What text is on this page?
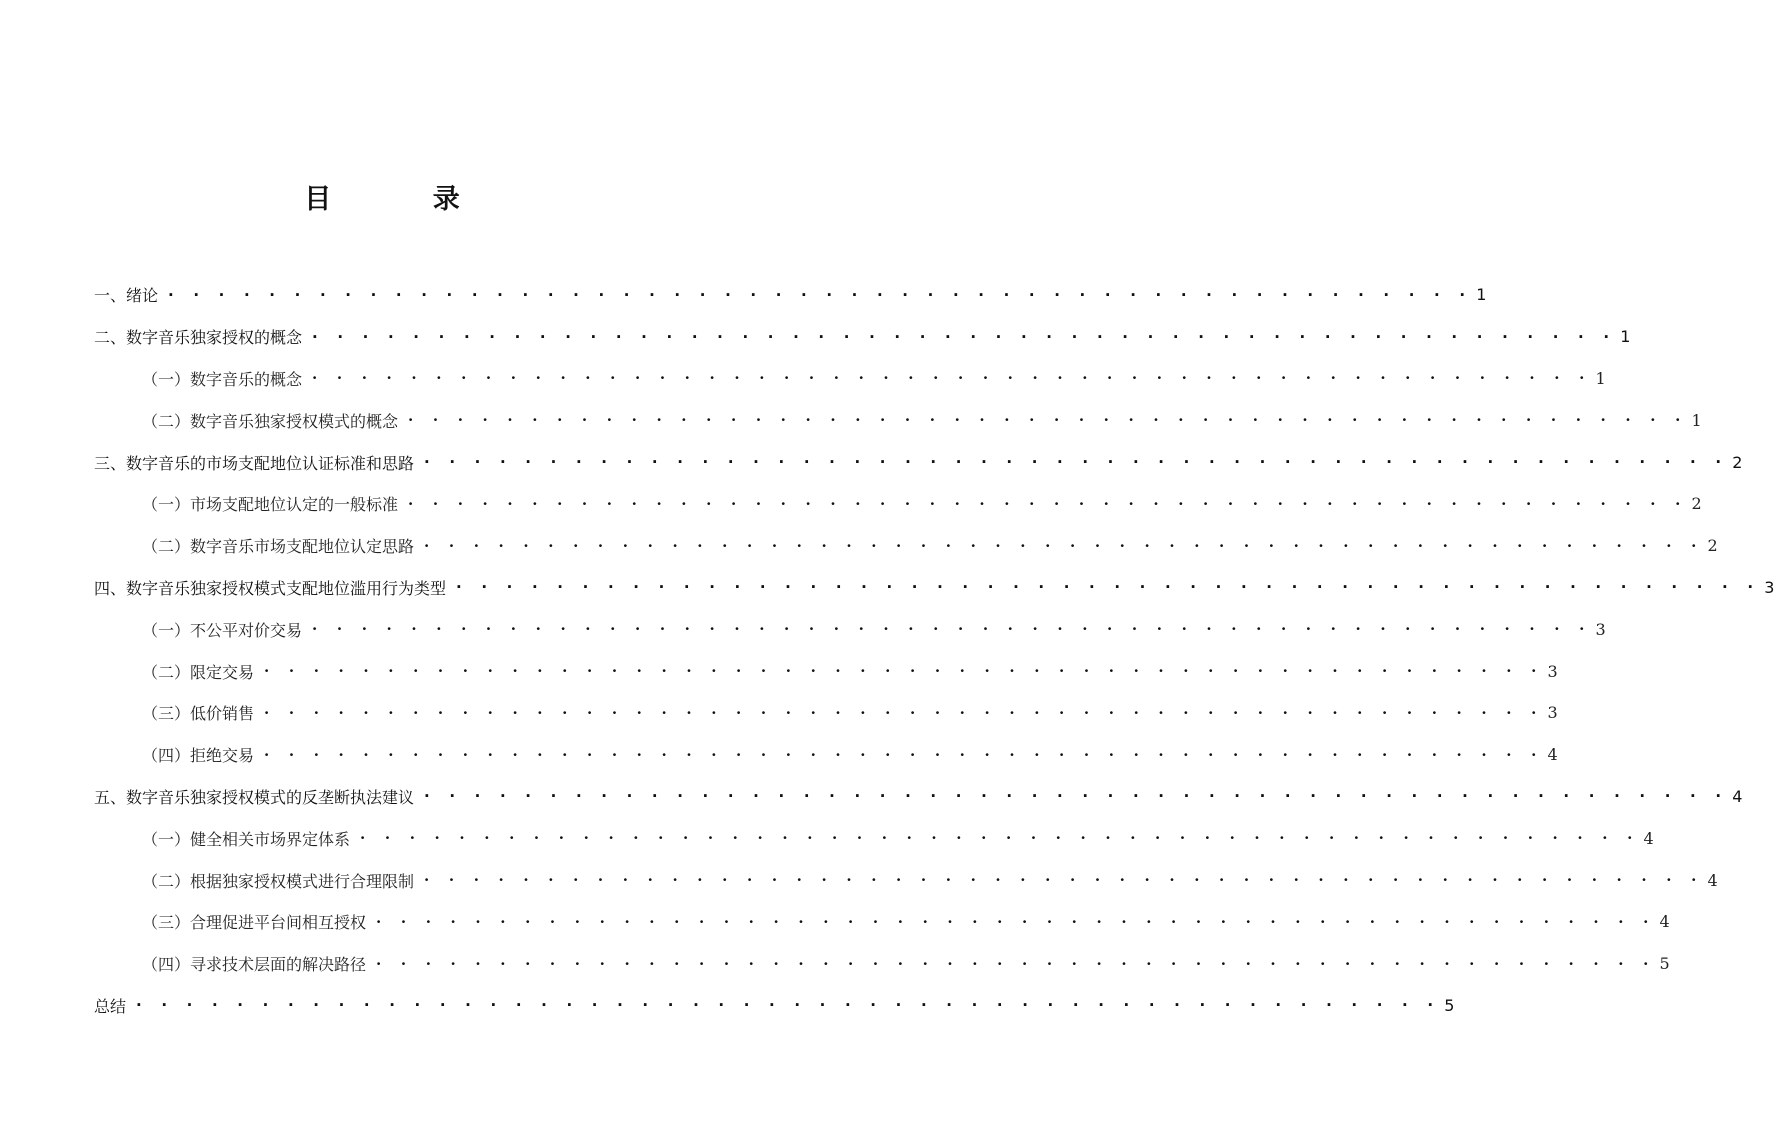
目 录
一、绪论 · · · · · · · · · · · · · · · · · · · · · · · · · · · · · · · · · · · · · · · · · · · · · · · · · · · · 1
二、数字音乐独家授权的概念 · · · · · · · · · · · · · · · · · · · · · · · · · · · · · · · · · · · · · · · · · · · · · · · · · · · · 1
（一）数字音乐的概念 · · · · · · · · · · · · · · · · · · · · · · · · · · · · · · · · · · · · · · · · · · · · · · · · · · · · 1
（二）数字音乐独家授权模式的概念 · · · · · · · · · · · · · · · · · · · · · · · · · · · · · · · · · · · · · · · · · · · · · · · · · · · · 1
三、数字音乐的市场支配地位认证标准和思路 · · · · · · · · · · · · · · · · · · · · · · · · · · · · · · · · · · · · · · · · · · · · · · · · · · · · 2
（一）市场支配地位认定的一般标准 · · · · · · · · · · · · · · · · · · · · · · · · · · · · · · · · · · · · · · · · · · · · · · · · · · · · 2
（二）数字音乐市场支配地位认定思路 · · · · · · · · · · · · · · · · · · · · · · · · · · · · · · · · · · · · · · · · · · · · · · · · · · · · 2
四、数字音乐独家授权模式支配地位滥用行为类型 · · · · · · · · · · · · · · · · · · · · · · · · · · · · · · · · · · · · · · · · · · · · · · · · · · · · 3
（一）不公平对价交易 · · · · · · · · · · · · · · · · · · · · · · · · · · · · · · · · · · · · · · · · · · · · · · · · · · · · 3
（二）限定交易 · · · · · · · · · · · · · · · · · · · · · · · · · · · · · · · · · · · · · · · · · · · · · · · · · · · · 3
（三）低价销售 · · · · · · · · · · · · · · · · · · · · · · · · · · · · · · · · · · · · · · · · · · · · · · · · · · · · 3
（四）拒绝交易 · · · · · · · · · · · · · · · · · · · · · · · · · · · · · · · · · · · · · · · · · · · · · · · · · · · · 4
五、数字音乐独家授权模式的反垄断执法建议 · · · · · · · · · · · · · · · · · · · · · · · · · · · · · · · · · · · · · · · · · · · · · · · · · · · · 4
（一）健全相关市场界定体系 · · · · · · · · · · · · · · · · · · · · · · · · · · · · · · · · · · · · · · · · · · · · · · · · · · · · 4
（二）根据独家授权模式进行合理限制 · · · · · · · · · · · · · · · · · · · · · · · · · · · · · · · · · · · · · · · · · · · · · · · · · · · · 4
（三）合理促进平台间相互授权 · · · · · · · · · · · · · · · · · · · · · · · · · · · · · · · · · · · · · · · · · · · · · · · · · · · · 4
（四）寻求技术层面的解决路径 · · · · · · · · · · · · · · · · · · · · · · · · · · · · · · · · · · · · · · · · · · · · · · · · · · · · 5
总结 · · · · · · · · · · · · · · · · · · · · · · · · · · · · · · · · · · · · · · · · · · · · · · · · · · · · 5
